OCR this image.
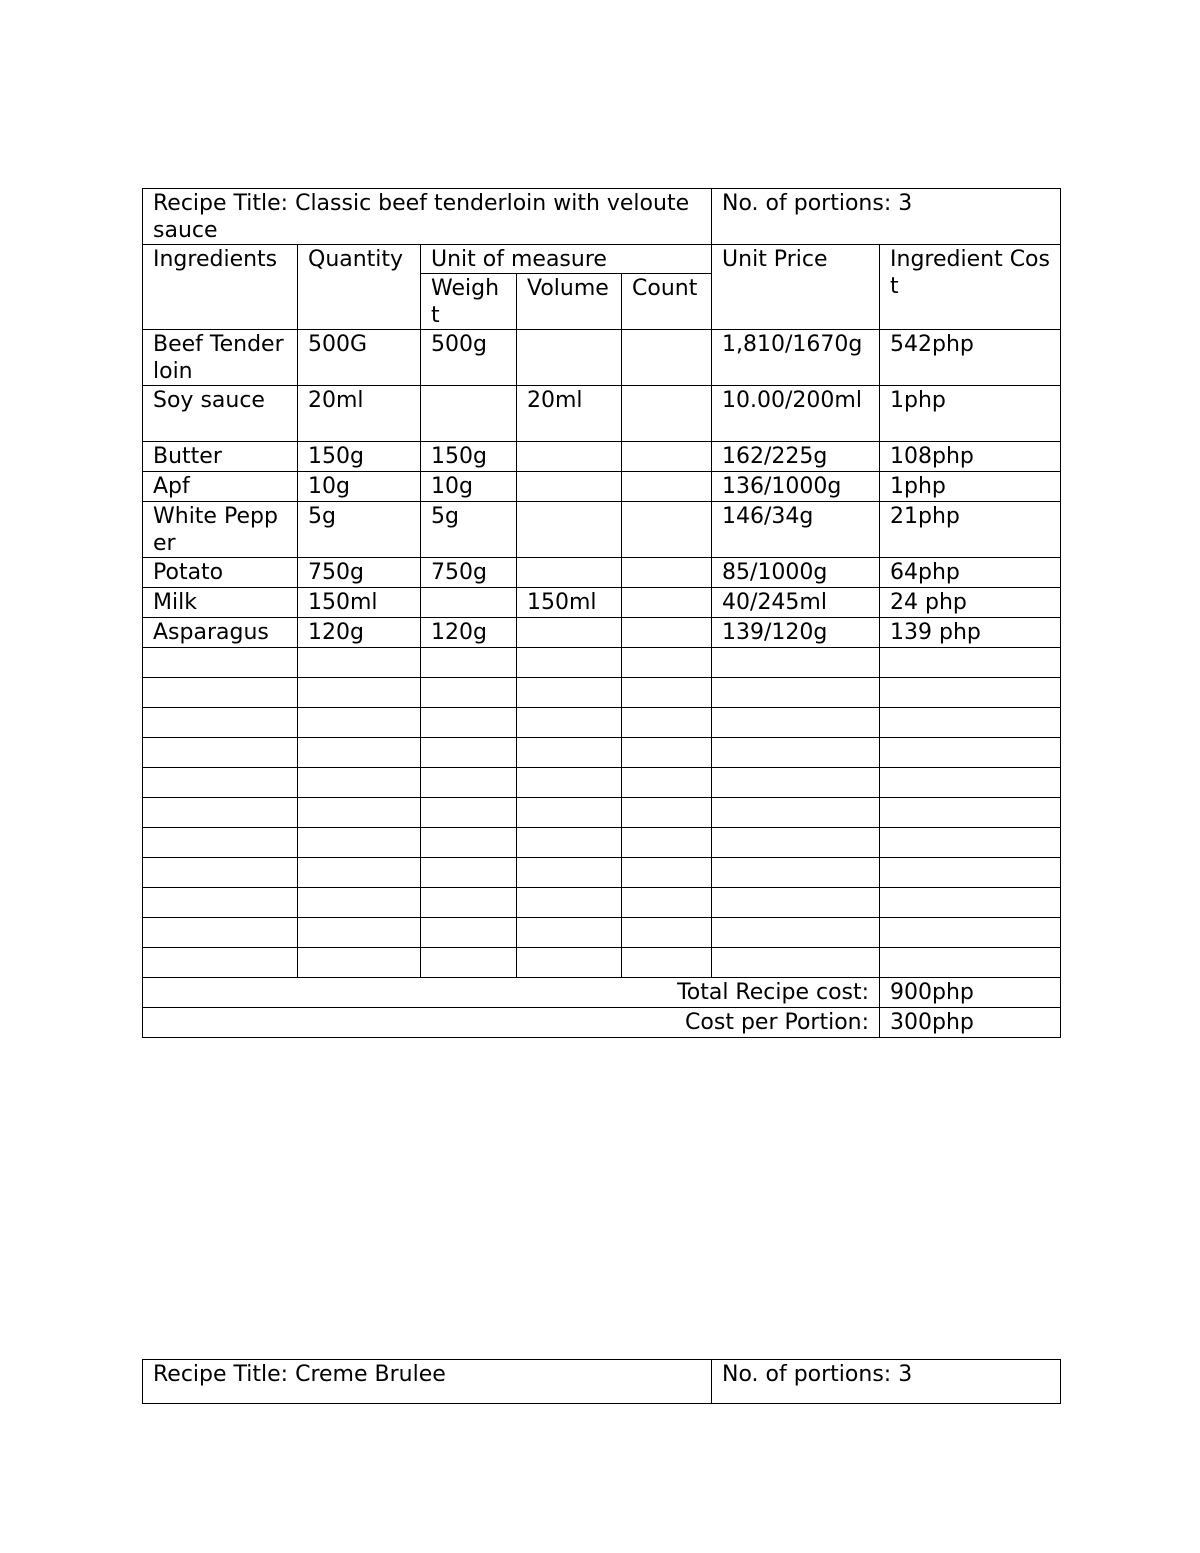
Recipe Title: Classic beef tenderloin with veloute sauce					No. of portions: 3	
Ingredients	Quantity	Unit of measure			Unit Price	Ingredient Cost
		Weight	Volume	Count		
Beef Tenderloin	500G	500g			1,810/1670g	542php
Soy sauce	20ml		20ml		10.00/200ml	1php
Butter	150g	150g			162/225g	108php
Apf	10g	10g			136/1000g	1php
White Pepper	5g	5g			146/34g	21php
Potato	750g	750g			85/1000g	64php
Milk	150ml		150ml		40/245ml	24 php
Asparagus	120g	120g			139/120g	139 php

Total Recipe cost:						900php
Cost per Portion:						300php
Recipe Title: Creme Brulee	No. of portions: 3
